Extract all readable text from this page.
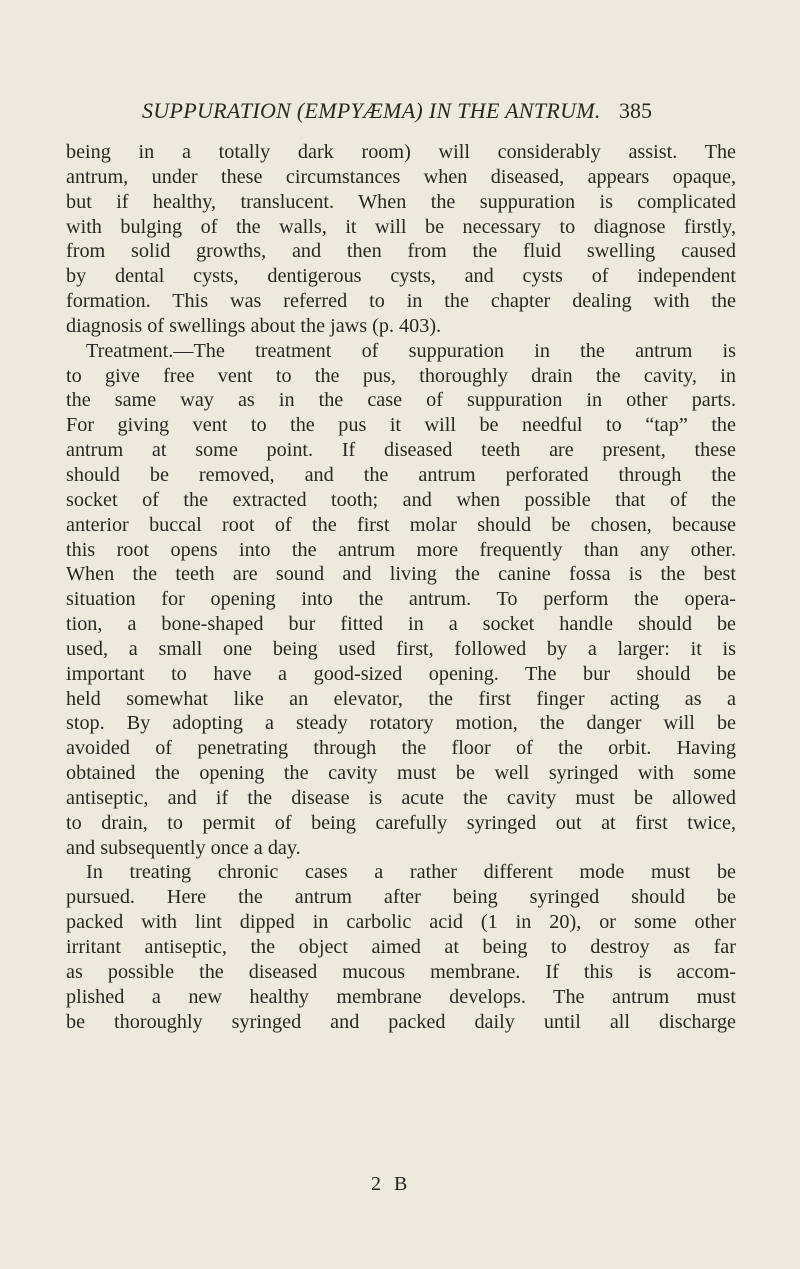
SUPPURATION (EMPYÆMA) IN THE ANTRUM. 385
being in a totally dark room) will considerably assist. The
antrum, under these circumstances when diseased, appears opaque,
but if healthy, translucent. When the suppuration is complicated
with bulging of the walls, it will be necessary to diagnose firstly,
from solid growths, and then from the fluid swelling caused
by dental cysts, dentigerous cysts, and cysts of independent
formation. This was referred to in the chapter dealing with the
diagnosis of swellings about the jaws (p. 403).
Treatment.—The treatment of suppuration in the antrum is
to give free vent to the pus, thoroughly drain the cavity, in
the same way as in the case of suppuration in other parts.
For giving vent to the pus it will be needful to “tap” the
antrum at some point. If diseased teeth are present, these
should be removed, and the antrum perforated through the
socket of the extracted tooth; and when possible that of the
anterior buccal root of the first molar should be chosen, because
this root opens into the antrum more frequently than any other.
When the teeth are sound and living the canine fossa is the best
situation for opening into the antrum. To perform the opera-
tion, a bone-shaped bur fitted in a socket handle should be
used, a small one being used first, followed by a larger: it is
important to have a good-sized opening. The bur should be
held somewhat like an elevator, the first finger acting as a
stop. By adopting a steady rotatory motion, the danger will be
avoided of penetrating through the floor of the orbit. Having
obtained the opening the cavity must be well syringed with some
antiseptic, and if the disease is acute the cavity must be allowed
to drain, to permit of being carefully syringed out at first twice,
and subsequently once a day.
In treating chronic cases a rather different mode must be
pursued. Here the antrum after being syringed should be
packed with lint dipped in carbolic acid (1 in 20), or some other
irritant antiseptic, the object aimed at being to destroy as far
as possible the diseased mucous membrane. If this is accom-
plished a new healthy membrane develops. The antrum must
be thoroughly syringed and packed daily until all discharge
2 B
